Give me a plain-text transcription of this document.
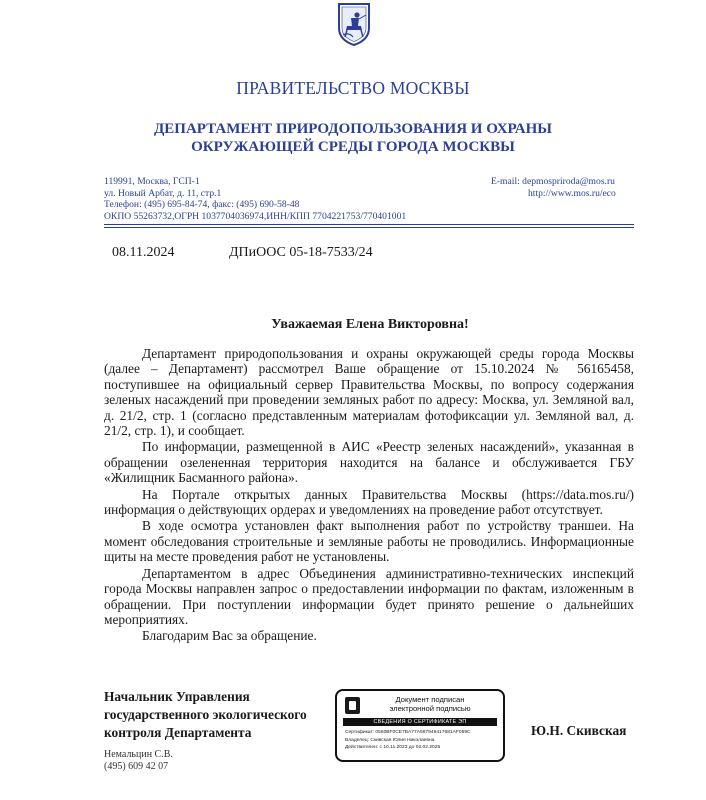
ПРАВИТЕЛЬСТВО МОСКВЫ
ДЕПАРТАМЕНТ ПРИРОДОПОЛЬЗОВАНИЯ И ОХРАНЫ
ОКРУЖАЮЩЕЙ СРЕДЫ ГОРОДА МОСКВЫ
119991, Москва, ГСП-1
ул. Новый Арбат, д. 11, стр.1
Телефон: (495) 695-84-74, факс: (495) 690-58-48
ОКПО 55263732,ОГРН 1037704036974,ИНН/КПП 7704221753/770401001
E-mail: depmospriroda@mos.ru
http://www.mos.ru/eco
08.11.2024	ДПиООС 05-18-7533/24
Уважаемая Елена Викторовна!

Департамент природопользования и охраны окружающей среды города Москвы (далее – Департамент) рассмотрел Ваше обращение от 15.10.2024 № 56165458, поступившее на официальный сервер Правительства Москвы, по вопросу содержания зеленых насаждений при проведении земляных работ по адресу: Москва, ул. Земляной вал, д. 21/2, стр. 1 (согласно представленным материалам фотофиксации ул. Земляной вал, д. 21/2, стр. 1), и сообщает.

По информации, размещенной в АИС «Реестр зеленых насаждений», указанная в обращении озелененная территория находится на балансе и обслуживается ГБУ «Жилищник Басманного района».

На Портале открытых данных Правительства Москвы (https://data.mos.ru/) информация о действующих ордерах и уведомлениях на проведение работ отсутствует.

В ходе осмотра установлен факт выполнения работ по устройству траншеи. На момент обследования строительные и земляные работы не проводились. Информационные щиты на месте проведения работ не установлены.

Департаментом в адрес Объединения административно-технических инспекций города Москвы направлен запрос о предоставлении информации по фактам, изложенным в обращении. При поступлении информации будет принято решение о дальнейших мероприятиях.

Благодарим Вас за обращение.

Начальник Управления
государственного экологического
контроля Департамента
Документ подписан
электронной подписью
СВЕДЕНИЯ О СЕРТИФИКАТЕ ЭП
Сертификат: 0560BF0CE7BA77A587949417681AF059C
Владелец: Скивская Юлия Николаевна
Действителен: с 10.11.2023 до 02.02.2025
Ю.Н. Скивская
Немальцин С.В.
(495) 609 42 07
